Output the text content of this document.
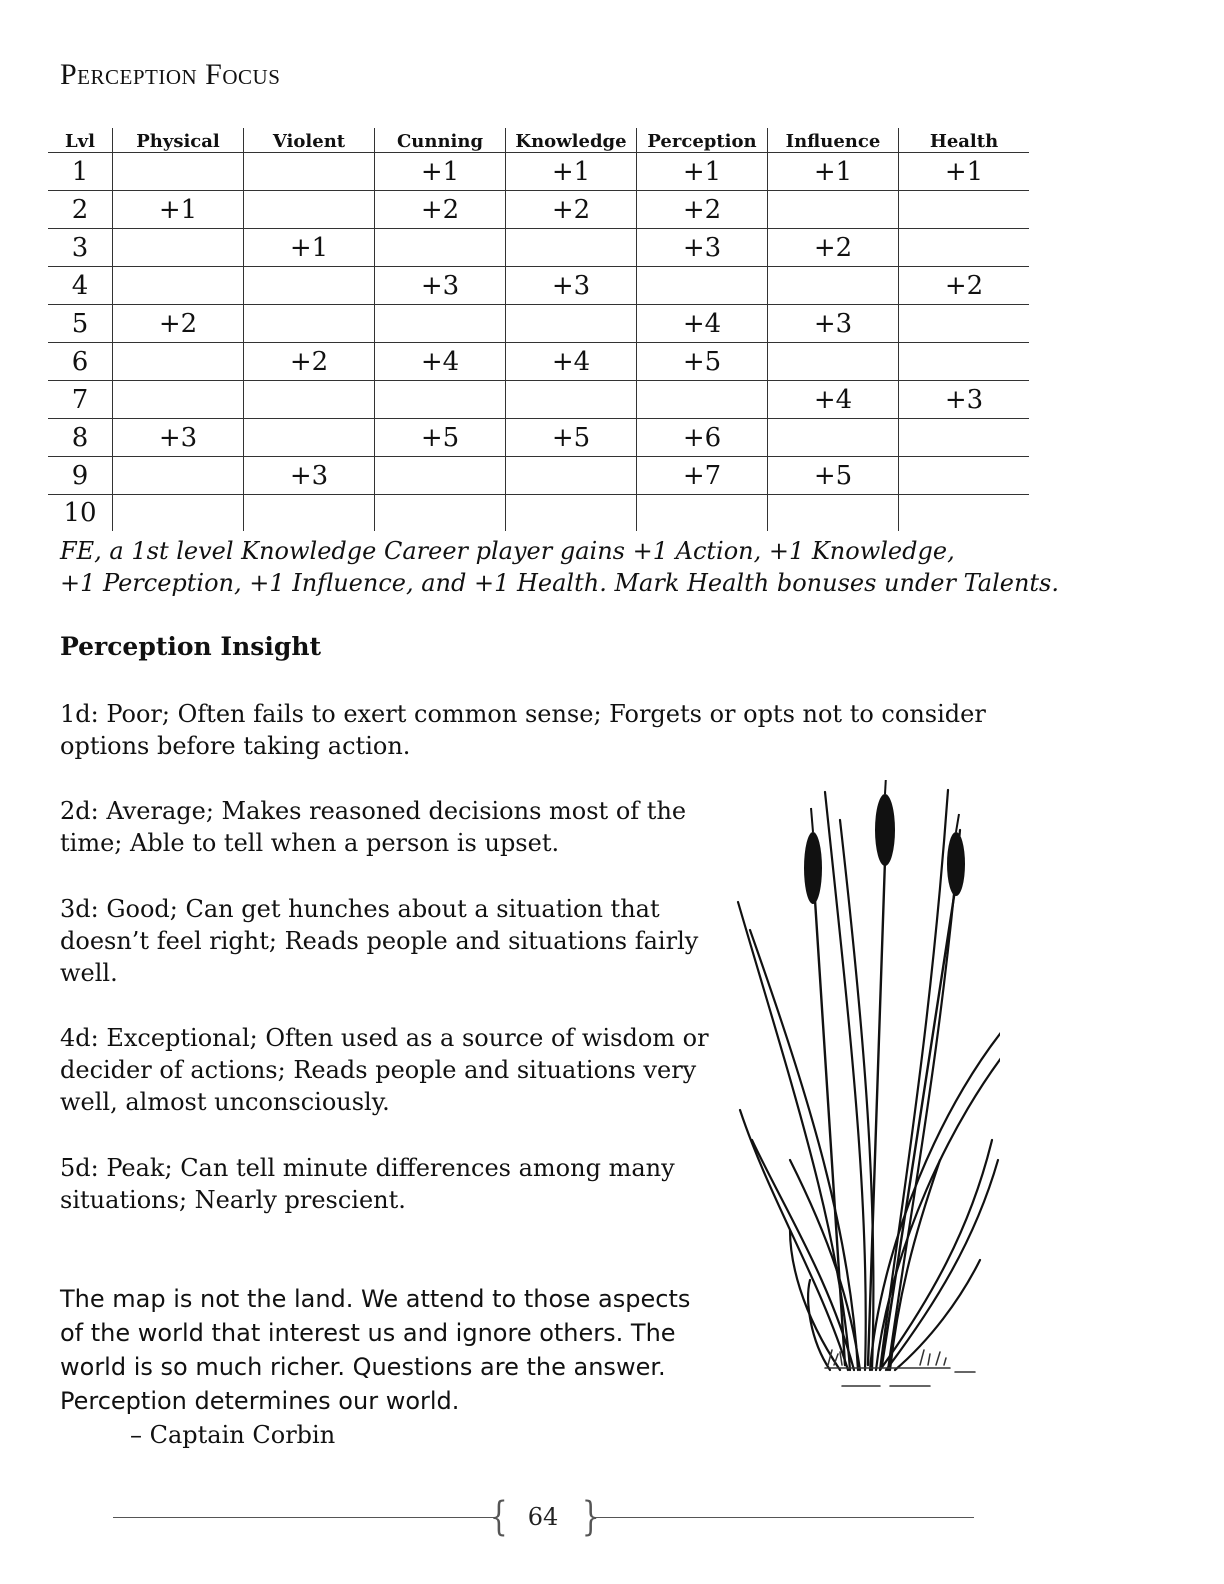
Perception Focus
Lvl	Physical	Violent	Cunning	Knowledge	Perception	Influence	Health
1			+1	+1	+1	+1	+1
2	+1		+2	+2	+2		
3		+1			+3	+2	
4			+3	+3			+2
5	+2				+4	+3	
6		+2	+4	+4	+5		
7						+4	+3
8	+3		+5	+5	+6		
9		+3			+7	+5	
10							
FE, a 1st level Knowledge Career player gains +1 Action, +1 Knowledge,
+1 Perception, +1 Influence, and +1 Health. Mark Health bonuses under Talents.
Perception Insight
1d: Poor; Often fails to exert common sense; Forgets or opts not to consider
options before taking action.
2d: Average; Makes reasoned decisions most of the
time; Able to tell when a person is upset.
3d: Good; Can get hunches about a situation that
doesn’t feel right; Reads people and situations fairly
well.
4d: Exceptional; Often used as a source of wisdom or
decider of actions; Reads people and situations very
well, almost unconsciously.
5d: Peak; Can tell minute differences among many
situations; Nearly prescient.
The map is not the land. We attend to those aspects
of the world that interest us and ignore others. The
world is so much richer. Questions are the answer.
Perception determines our world.
– Captain Corbin
{ 64 }
